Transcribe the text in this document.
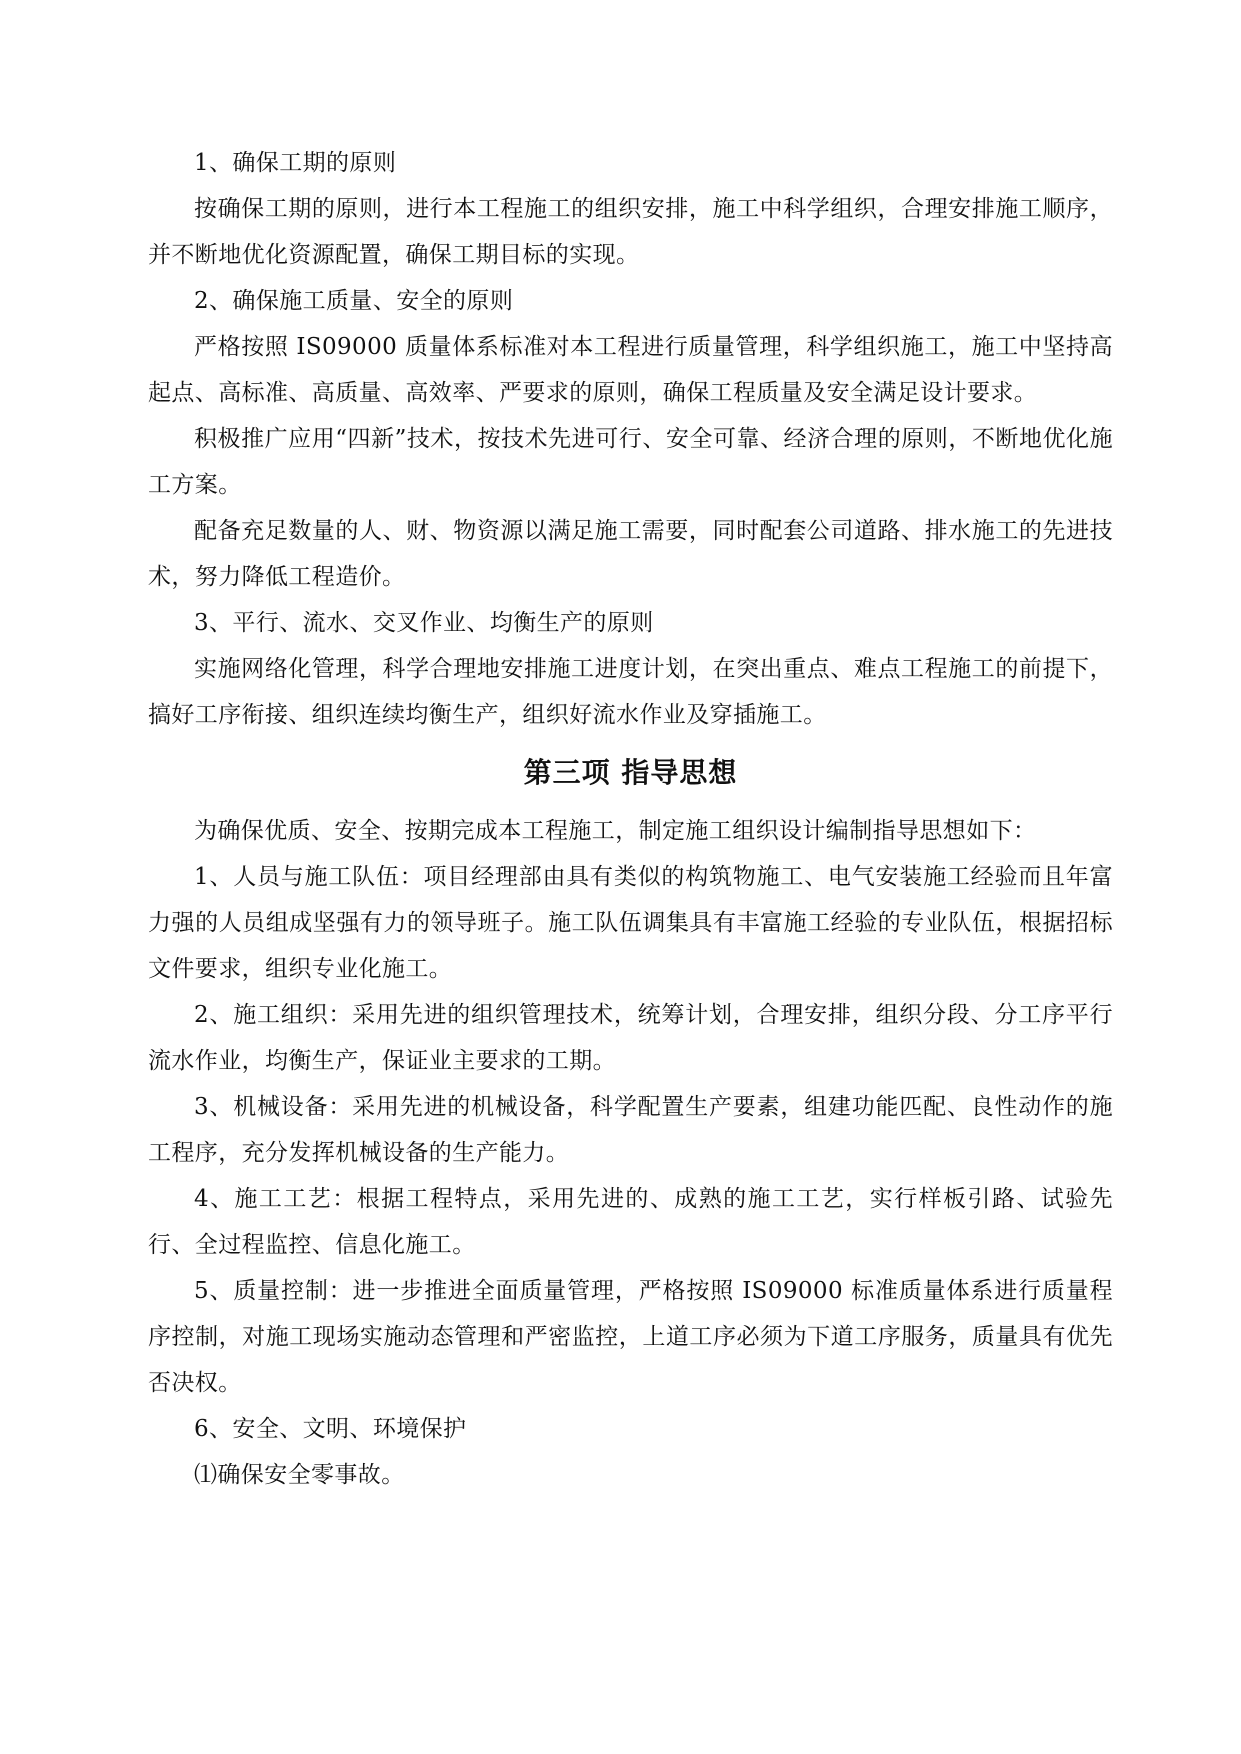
1、确保工期的原则

按确保工期的原则，进行本工程施工的组织安排，施工中科学组织，合理安排施工顺序，并不断地优化资源配置，确保工期目标的实现。

2、确保施工质量、安全的原则

严格按照 IS09000 质量体系标准对本工程进行质量管理，科学组织施工，施工中坚持高起点、高标准、高质量、高效率、严要求的原则，确保工程质量及安全满足设计要求。

积极推广应用“四新”技术，按技术先进可行、安全可靠、经济合理的原则，不断地优化施工方案。

配备充足数量的人、财、物资源以满足施工需要，同时配套公司道路、排水施工的先进技术，努力降低工程造价。

3、平行、流水、交叉作业、均衡生产的原则

实施网络化管理，科学合理地安排施工进度计划，在突出重点、难点工程施工的前提下，搞好工序衔接、组织连续均衡生产，组织好流水作业及穿插施工。

第三项 指导思想

为确保优质、安全、按期完成本工程施工，制定施工组织设计编制指导思想如下：

1、人员与施工队伍：项目经理部由具有类似的构筑物施工、电气安装施工经验而且年富力强的人员组成坚强有力的领导班子。施工队伍调集具有丰富施工经验的专业队伍，根据招标文件要求，组织专业化施工。

2、施工组织：采用先进的组织管理技术，统筹计划，合理安排，组织分段、分工序平行流水作业，均衡生产，保证业主要求的工期。

3、机械设备：采用先进的机械设备，科学配置生产要素，组建功能匹配、良性动作的施工程序，充分发挥机械设备的生产能力。

4、施工工艺：根据工程特点，采用先进的、成熟的施工工艺，实行样板引路、试验先行、全过程监控、信息化施工。

5、质量控制：进一步推进全面质量管理，严格按照 IS09000 标准质量体系进行质量程序控制，对施工现场实施动态管理和严密监控，上道工序必须为下道工序服务，质量具有优先否决权。

6、安全、文明、环境保护

⑴确保安全零事故。
